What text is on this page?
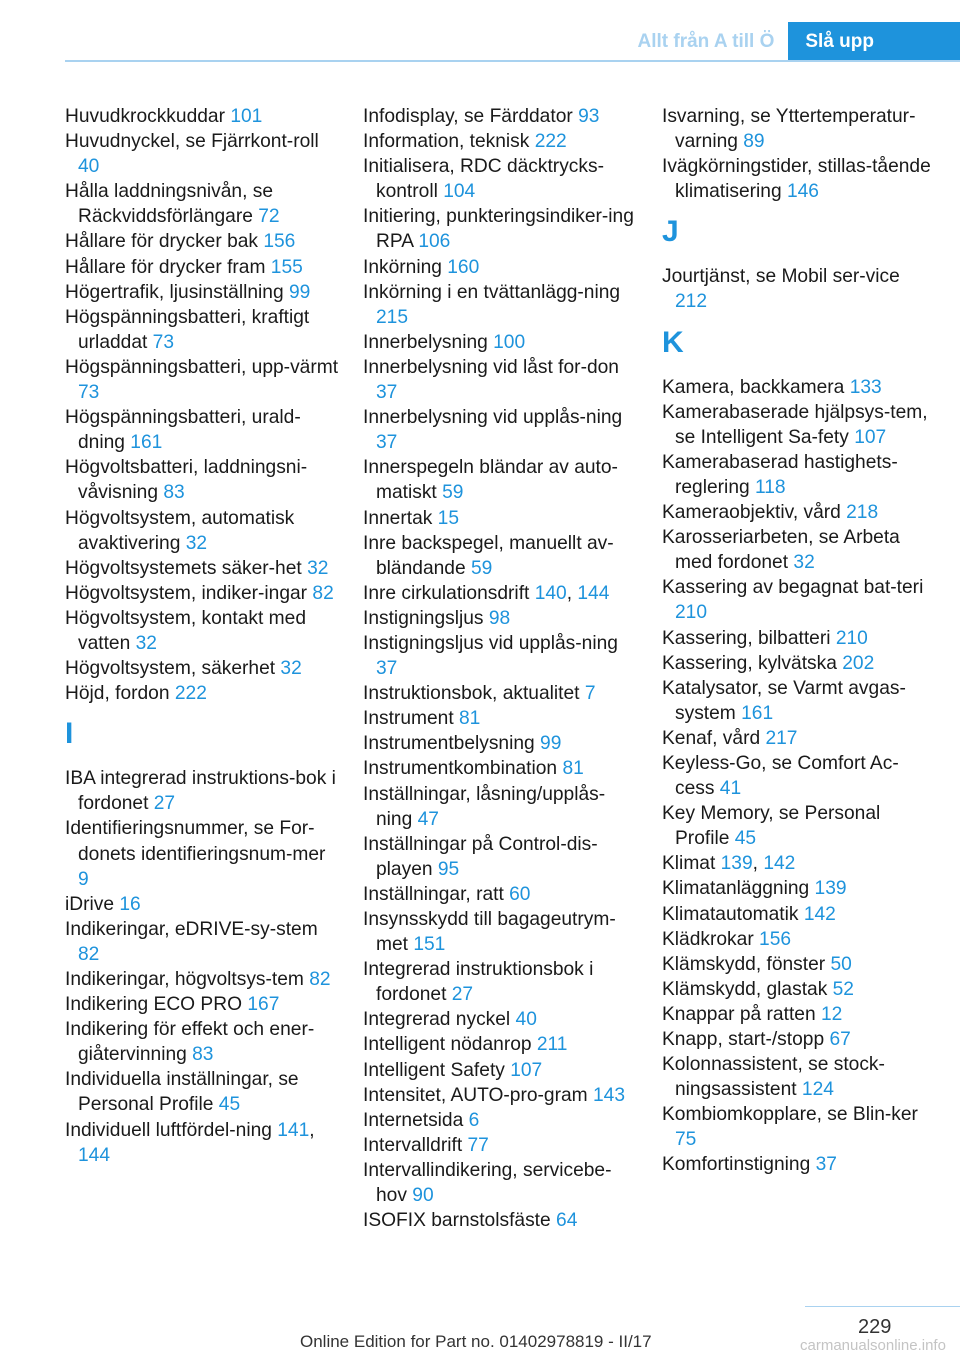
Allt från A till Ö	Slå upp
Huvudkrockkuddar 101
Huvudnyckel, se Fjärrkont-roll 40
Hålla laddningsnivån, se Räckviddsförlängare 72
Hållare för drycker bak 156
Hållare för drycker fram 155
Högertrafik, ljusinställning 99
Högspänningsbatteri, kraftigt urladdat 73
Högspänningsbatteri, upp-värmt 73
Högspänningsbatteri, urald-dning 161
Högvoltsbatteri, laddningsni-våvisning 83
Högvoltsystem, automatisk avaktivering 32
Högvoltsystemets säker-het 32
Högvoltsystem, indiker-ingar 82
Högvoltsystem, kontakt med vatten 32
Högvoltsystem, säkerhet 32
Höjd, fordon 222
I
IBA integrerad instruktions-bok i fordonet 27
Identifieringsnummer, se For-donets identifieringsnum-mer 9
iDrive 16
Indikeringar, eDRIVE-sy-stem 82
Indikeringar, högvoltsys-tem 82
Indikering ECO PRO 167
Indikering för effekt och ener-giåtervinning 83
Individuella inställningar, se Personal Profile 45
Individuell luftfördel-ning 141, 144
Infodisplay, se Färddator 93
Information, teknisk 222
Initialisera, RDC däcktrycks-kontroll 104
Initiering, punkteringsindiker-ing RPA 106
Inkörning 160
Inkörning i en tvättanlägg-ning 215
Innerbelysning 100
Innerbelysning vid låst for-don 37
Innerbelysning vid upplås-ning 37
Innerspegeln bländar av auto-matiskt 59
Innertak 15
Inre backspegel, manuellt av-bländande 59
Inre cirkulationsdrift 140, 144
Instigningsljus 98
Instigningsljus vid upplås-ning 37
Instruktionsbok, aktualitet 7
Instrument 81
Instrumentbelysning 99
Instrumentkombination 81
Inställningar, låsning/upplås-ning 47
Inställningar på Control-dis-playen 95
Inställningar, ratt 60
Insynsskydd till bagageutrym-met 151
Integrerad instruktionsbok i fordonet 27
Integrerad nyckel 40
Intelligent nödanrop 211
Intelligent Safety 107
Intensitet, AUTO-pro-gram 143
Internetsida 6
Intervalldrift 77
Intervallindikering, servicebe-hov 90
ISOFIX barnstolsfäste 64
Isvarning, se Yttertemperatur-varning 89
Ivägkörningstider, stillas-tående klimatisering 146
J
Jourtjänst, se Mobil ser-vice 212
K
Kamera, backkamera 133
Kamerabaserade hjälpsys-tem, se Intelligent Sa-fety 107
Kamerabaserad hastighets-reglering 118
Kameraobjektiv, vård 218
Karosseriarbeten, se Arbeta med fordonet 32
Kassering av begagnat bat-teri 210
Kassering, bilbatteri 210
Kassering, kylvätska 202
Katalysator, se Varmt avgas-system 161
Kenaf, vård 217
Keyless-Go, se Comfort Ac-cess 41
Key Memory, se Personal Profile 45
Klimat 139, 142
Klimatanläggning 139
Klimatautomatik 142
Klädkrokar 156
Klämskydd, fönster 50
Klämskydd, glastak 52
Knappar på ratten 12
Knapp, start-/stopp 67
Kolonnassistent, se stock-ningsassistent 124
Kombiomkopplare, se Blin-ker 75
Komfortinstigning 37
229
Online Edition for Part no. 01402978819 - II/17	carmanualsonline.info
